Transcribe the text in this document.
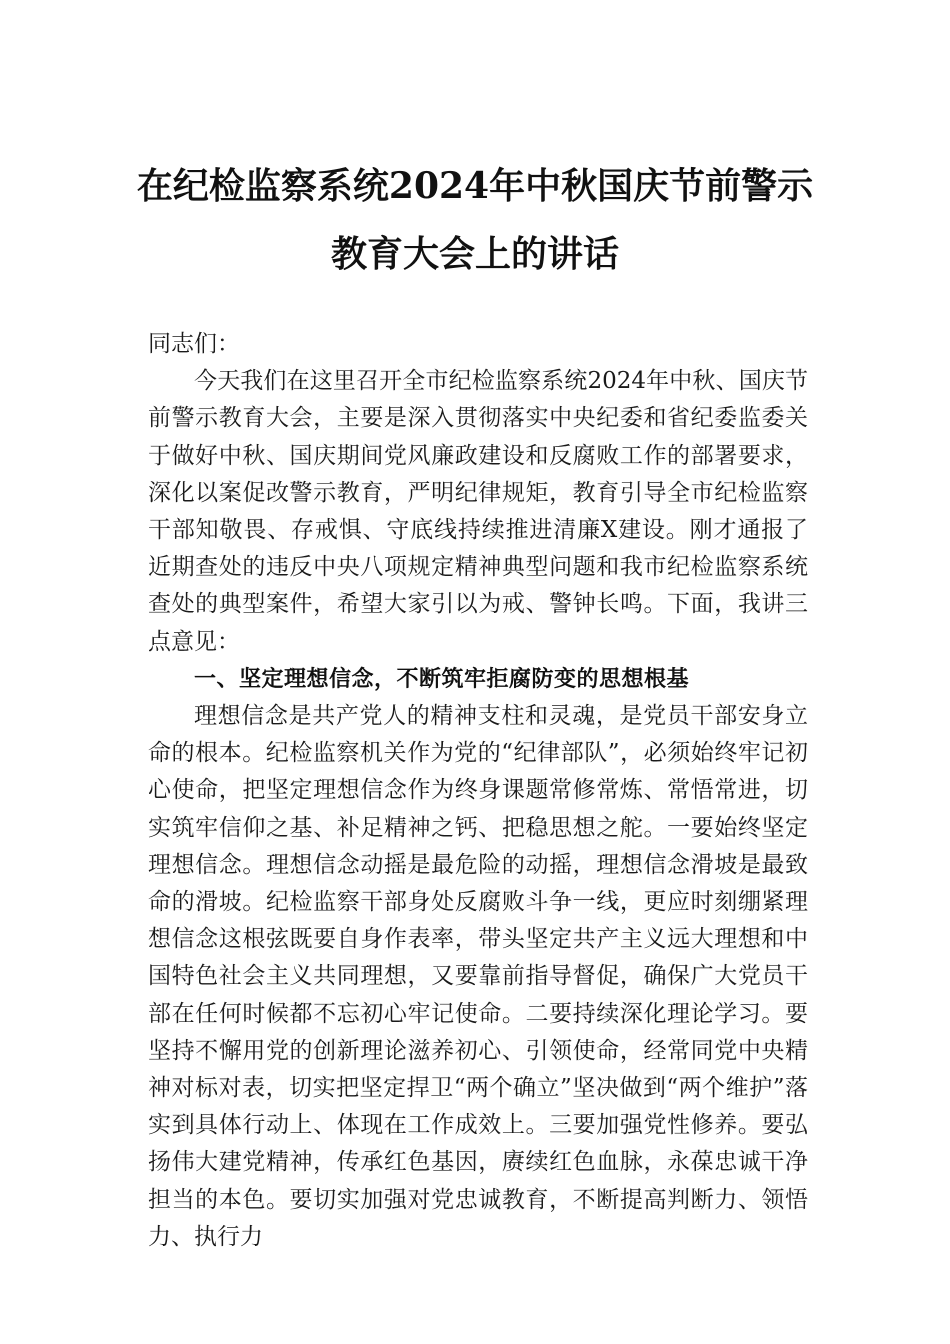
在纪检监察系统2024年中秋国庆节前警示
教育大会上的讲话

同志们：

今天我们在这里召开全市纪检监察系统2024年中秋、国庆节前警示教育大会，主要是深入贯彻落实中央纪委和省纪委监委关于做好中秋、国庆期间党风廉政建设和反腐败工作的部署要求，深化以案促改警示教育，严明纪律规矩，教育引导全市纪检监察干部知敬畏、存戒惧、守底线持续推进清廉X建设。刚才通报了近期查处的违反中央八项规定精神典型问题和我市纪检监察系统查处的典型案件，希望大家引以为戒、警钟长鸣。下面，我讲三点意见：

一、坚定理想信念，不断筑牢拒腐防变的思想根基

理想信念是共产党人的精神支柱和灵魂，是党员干部安身立命的根本。纪检监察机关作为党的“纪律部队”，必须始终牢记初心使命，把坚定理想信念作为终身课题常修常炼、常悟常进，切实筑牢信仰之基、补足精神之钙、把稳思想之舵。一要始终坚定理想信念。理想信念动摇是最危险的动摇，理想信念滑坡是最致命的滑坡。纪检监察干部身处反腐败斗争一线，更应时刻绷紧理想信念这根弦既要自身作表率，带头坚定共产主义远大理想和中国特色社会主义共同理想，又要靠前指导督促，确保广大党员干部在任何时候都不忘初心牢记使命。二要持续深化理论学习。要坚持不懈用党的创新理论滋养初心、引领使命，经常同党中央精神对标对表，切实把坚定捍卫“两个确立”坚决做到“两个维护”落实到具体行动上、体现在工作成效上。三要加强党性修养。要弘扬伟大建党精神，传承红色基因，赓续红色血脉，永葆忠诚干净担当的本色。要切实加强对党忠诚教育，不断提高判断力、领悟力、执行力
